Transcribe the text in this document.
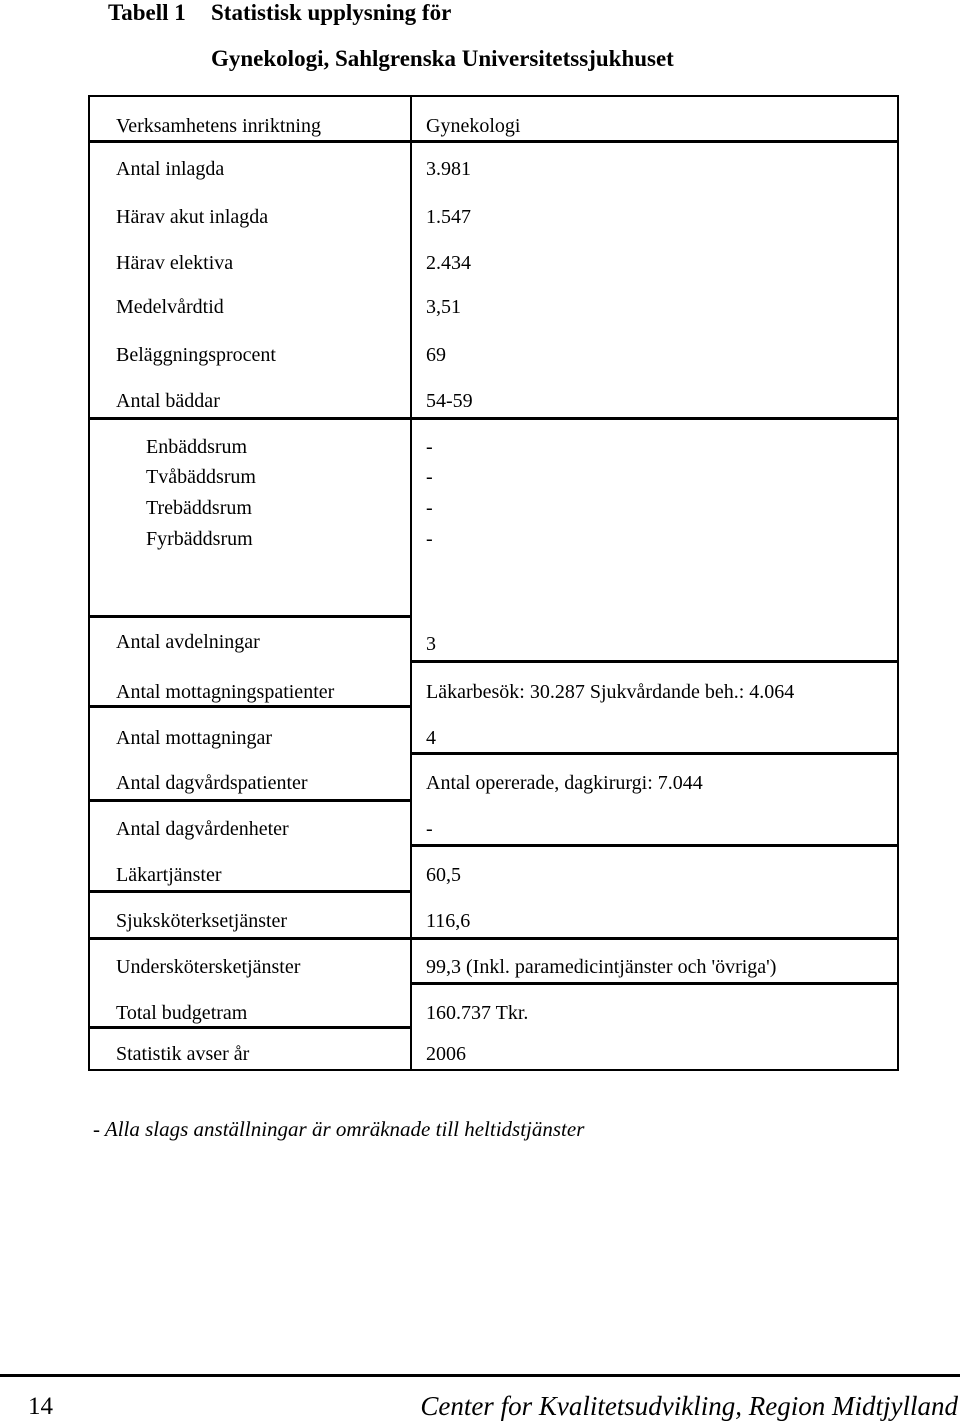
Tabell 1 Statistisk upplysning för
Gynekologi, Sahlgrenska Universitetssjukhuset
Verksamhetens inriktning
Antal inlagda
Härav akut inlagda
Härav elektiva
Medelvårdtid
Beläggningsprocent
Antal bäddar
Enbäddsrum
Tvåbäddsrum
Trebäddsrum
Fyrbäddsrum
Antal avdelningar
Antal mottagningspatienter
Antal mottagningar
Antal dagvårdspatienter
Antal dagvårdenheter
Läkartjänster
Sjuksköterksetjänster
Underskötersketjänster
Total budgetram
Statistik avser år
Gynekologi
3.981
1.547
2.434
3,51
69
54-59
-
-
-
-
3
Läkarbesök: 30.287 Sjukvårdande beh.: 4.064
4
Antal opererade, dagkirurgi: 7.044
-
60,5
116,6
99,3 (Inkl. paramedicintjänster och 'övriga')
160.737 Tkr.
2006
- Alla slags anställningar är omräknade till heltidstjänster
14	Center for Kvalitetsudvikling, Region Midtjylland
